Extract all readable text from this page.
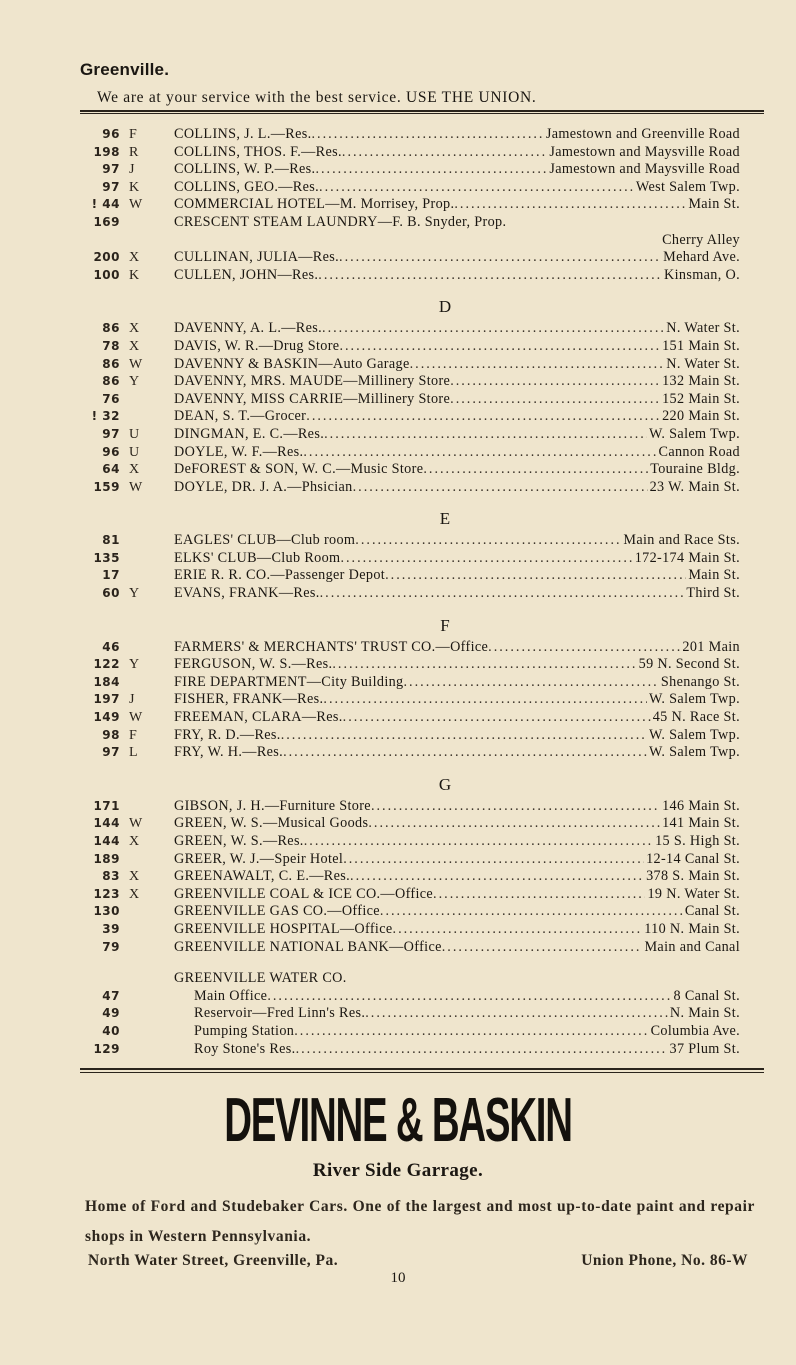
Greenville.
We are at your service with the best service. USE THE UNION.
96 F	COLLINS, J. L.—Res. .....	Jamestown and Greenville Road
198 R	COLLINS, THOS. F.—Res. .....	Jamestown and Maysville Road
97 J	COLLINS, W. P.—Res. .....	Jamestown and Maysville Road
97 K	COLLINS, GEO.—Res. .....	West Salem Twp.
! 44 W	COMMERCIAL HOTEL—M. Morrisey, Prop. .....	Main St.
169	CRESCENT STEAM LAUNDRY—F. B. Snyder, Prop.
Cherry Alley
200 X	CULLINAN, JULIA—Res. .....	Mehard Ave.
100 K	CULLEN, JOHN—Res. .....	Kinsman, O.
D
86 X	DAVENNY, A. L.—Res. .....	N. Water St.
78 X	DAVIS, W. R.—Drug Store .....	151 Main St.
86 W	DAVENNY & BASKIN—Auto Garage .....	N. Water St.
86 Y	DAVENNY, MRS. MAUDE—Millinery Store .....	132 Main St.
76	DAVENNY, MISS CARRIE—Millinery Store .....	152 Main St.
! 32	DEAN, S. T.—Grocer .....	220 Main St.
97 U	DINGMAN, E. C.—Res. .....	W. Salem Twp.
96 U	DOYLE, W. F.—Res. .....	Cannon Road
64 X	DeFOREST & SON, W. C.—Music Store .....	Touraine Bldg.
159 W	DOYLE, DR. J. A.—Phsician .....	23 W. Main St.
E
81	EAGLES' CLUB—Club room .....	Main and Race Sts.
135	ELKS' CLUB—Club Room .....	172-174 Main St.
17	ERIE R. R. CO.—Passenger Depot .....	Main St.
60 Y	EVANS, FRANK—Res. .....	Third St.
F
46	FARMERS' & MERCHANTS' TRUST CO.—Office .....	201 Main
122 Y	FERGUSON, W. S.—Res. .....	59 N. Second St.
184	FIRE DEPARTMENT—City Building .....	Shenango St.
197 J	FISHER, FRANK—Res. .....	W. Salem Twp.
149 W	FREEMAN, CLARA—Res. .....	45 N. Race St.
98 F	FRY, R. D.—Res. .....	W. Salem Twp.
97 L	FRY, W. H.—Res. .....	W. Salem Twp.
G
171	GIBSON, J. H.—Furniture Store .....	146 Main St.
144 W	GREEN, W. S.—Musical Goods .....	141 Main St.
144 X	GREEN, W. S.—Res. .....	15 S. High St.
189	GREER, W. J.—Speir Hotel .....	12-14 Canal St.
83 X	GREENAWALT, C. E.—Res. .....	378 S. Main St.
123 X	GREENVILLE COAL & ICE CO.—Office .....	19 N. Water St.
130	GREENVILLE GAS CO.—Office .....	Canal St.
39	GREENVILLE HOSPITAL—Office .....	110 N. Main St.
79	GREENVILLE NATIONAL BANK—Office .....	Main and Canal
GREENVILLE WATER CO.
47	Main Office .....	8 Canal St.
49	Reservoir—Fred Linn's Res. .....	N. Main St.
40	Pumping Station .....	Columbia Ave.
129	Roy Stone's Res. .....	37 Plum St.
DEVINNE & BASKIN
River Side Garrage.
Home of Ford and Studebaker Cars. One of the largest and most up-to-date paint and repair shops in Western Pennsylvania.
North Water Street, Greenville, Pa.	Union Phone, No. 86-W
10
